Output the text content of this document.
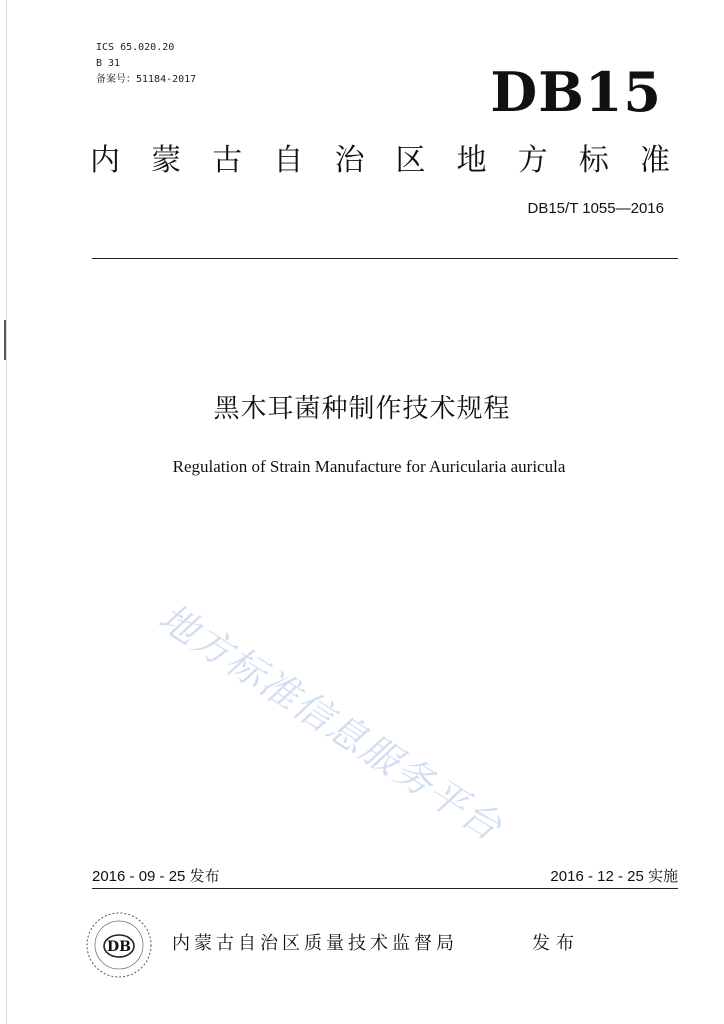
ICS 65.020.20
B 31
备案号：51184-2017	DB15
内 蒙 古 自 治 区 地 方 标 准
DB15/T 1055—2016
黑木耳菌种制作技术规程
Regulation of Strain Manufacture for Auricularia auricula
地方标准信息服务平台
2016 - 09 - 25 发布	2016 - 12 - 25 实施
DB 内蒙古自治区质量技术监督局	发布
